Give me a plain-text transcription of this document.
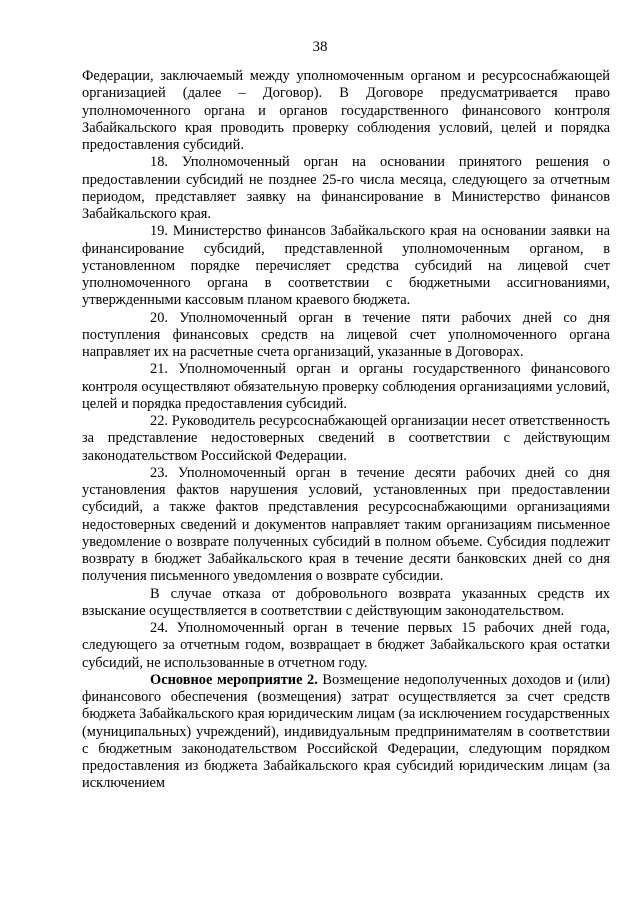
38

Федерации, заключаемый между уполномоченным органом и ресурсоснабжающей организацией (далее – Договор). В Договоре предусматривается право уполномоченного органа и органов государственного финансового контроля Забайкальского края проводить проверку соблюдения условий, целей и порядка предоставления субсидий.

18. Уполномоченный орган на основании принятого решения о предоставлении субсидий не позднее 25-го числа месяца, следующего за отчетным периодом, представляет заявку на финансирование в Министерство финансов Забайкальского края.

19. Министерство финансов Забайкальского края на основании заявки на финансирование субсидий, представленной уполномоченным органом, в установленном порядке перечисляет средства субсидий на лицевой счет уполномоченного органа в соответствии с бюджетными ассигнованиями, утвержденными кассовым планом краевого бюджета.

20. Уполномоченный орган в течение пяти рабочих дней со дня поступления финансовых средств на лицевой счет уполномоченного органа направляет их на расчетные счета организаций, указанные в Договорах.

21. Уполномоченный орган и органы государственного финансового контроля осуществляют обязательную проверку соблюдения организациями условий, целей и порядка предоставления субсидий.

22. Руководитель ресурсоснабжающей организации несет ответственность за представление недостоверных сведений в соответствии с действующим законодательством Российской Федерации.

23. Уполномоченный орган в течение десяти рабочих дней со дня установления фактов нарушения условий, установленных при предоставлении субсидий, а также фактов представления ресурсоснабжающими организациями недостоверных сведений и документов направляет таким организациям письменное уведомление о возврате полученных субсидий в полном объеме. Субсидия подлежит возврату в бюджет Забайкальского края в течение десяти банковских дней со дня получения письменного уведомления о возврате субсидии.

В случае отказа от добровольного возврата указанных средств их взыскание осуществляется в соответствии с действующим законодательством.

24. Уполномоченный орган в течение первых 15 рабочих дней года, следующего за отчетным годом, возвращает в бюджет Забайкальского края остатки субсидий, не использованные в отчетном году.

Основное мероприятие 2. Возмещение недополученных доходов и (или) финансового обеспечения (возмещения) затрат осуществляется за счет средств бюджета Забайкальского края юридическим лицам (за исключением государственных (муниципальных) учреждений), индивидуальным предпринимателям в соответствии с бюджетным законодательством Российской Федерации, следующим порядком предоставления из бюджета Забайкальского края субсидий юридическим лицам (за исключением
